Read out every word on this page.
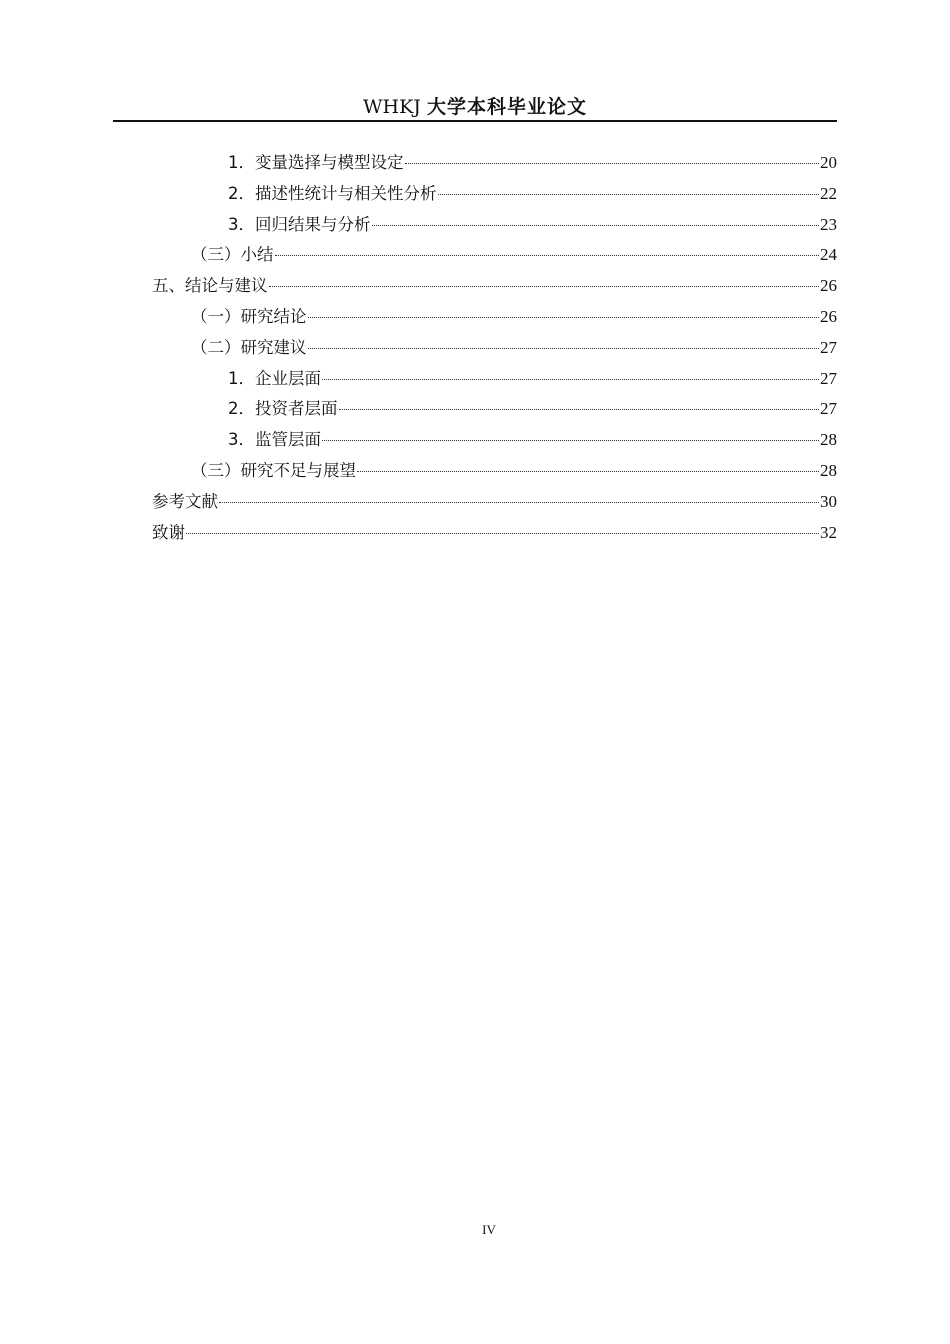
WHKJ 大学本科毕业论文
1．变量选择与模型设定	20
2．描述性统计与相关性分析	22
3．回归结果与分析	23
（三）小结	24
五、结论与建议	26
（一）研究结论	26
（二）研究建议	27
1．企业层面	27
2．投资者层面	27
3．监管层面	28
（三）研究不足与展望	28
参考文献	30
致谢	32
IV
